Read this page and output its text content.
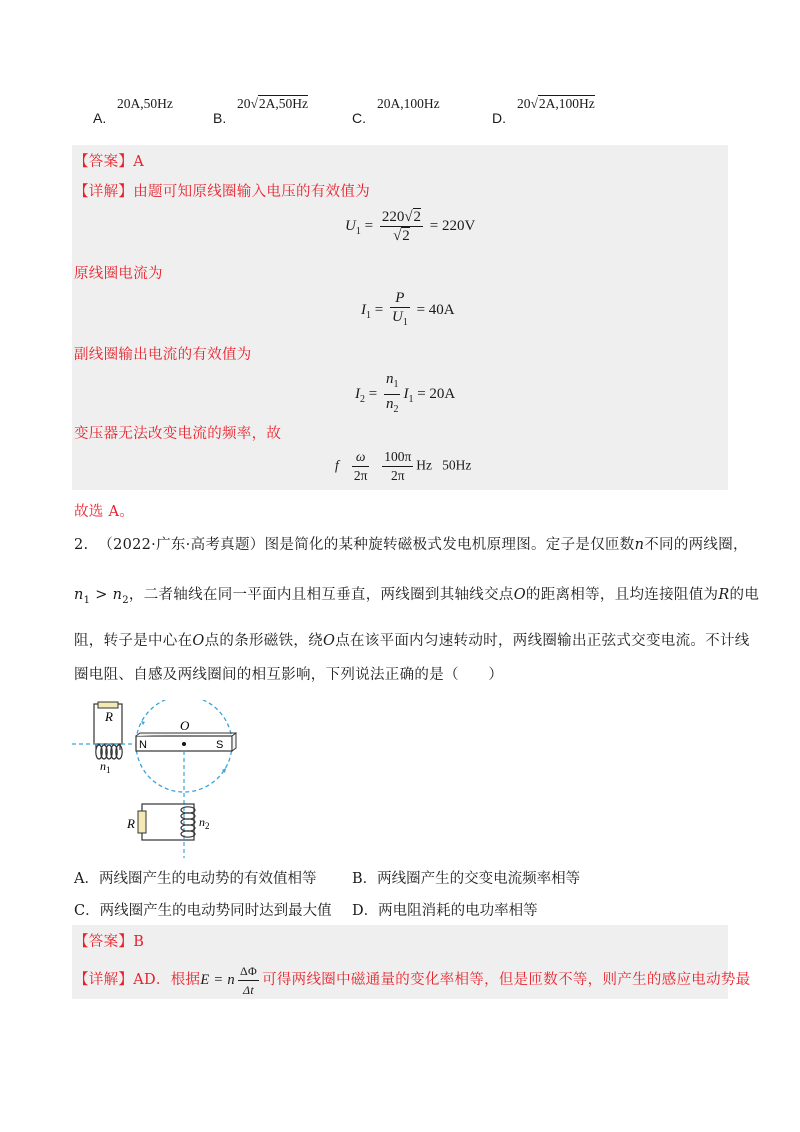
A.
20A,50Hz
B.
20√2A,50Hz
C.
20A,100Hz
D.
20√2A,100Hz
【答案】A
【详解】由题可知原线圈输入电压的有效值为
$U_1 = \frac{220√2}{√2} = 220V$
原线圈电流为
$I_1 = \frac{P}{U_1} = 40A$
副线圈输出电流的有效值为
$I_2 = \frac{n_1}{n_2} I_1 = 20A$
变压器无法改变电流的频率，故
f $\frac{\omega}{2\pi}$
$\frac{100\pi}{2\pi}$ Hz 50Hz
故选 A。
2. （2022·广东·高考真题）图是简化的某种旋转磁极式发电机原理图。定子是仅匝数n不同的两线圈，
$n_1 > n_2$，二者轴线在同一平面内且相互垂直，两线圈到其轴线交点O的距离相等，且均连接阻值为R的电
阻，转子是中心在O点的条形磁铁，绕O点在该平面内匀速转动时，两线圈输出正弦式交变电流。不计线
圈电阻、自感及两线圈间的相互影响，下列说法正确的是（　　）
R
$n_1$
N	S
O
R	$n_2$
A．两线圈产生的电动势的有效值相等 B．两线圈产生的交变电流频率相等
C．两线圈产生的电动势同时达到最大值 D．两电阻消耗的电功率相等
【答案】B
【详解】AD．根据E = n $\frac{\Delta\Phi}{\Delta t}$ 可得两线圈中磁通量的变化率相等，但是匝数不等，则产生的感应电动势最
